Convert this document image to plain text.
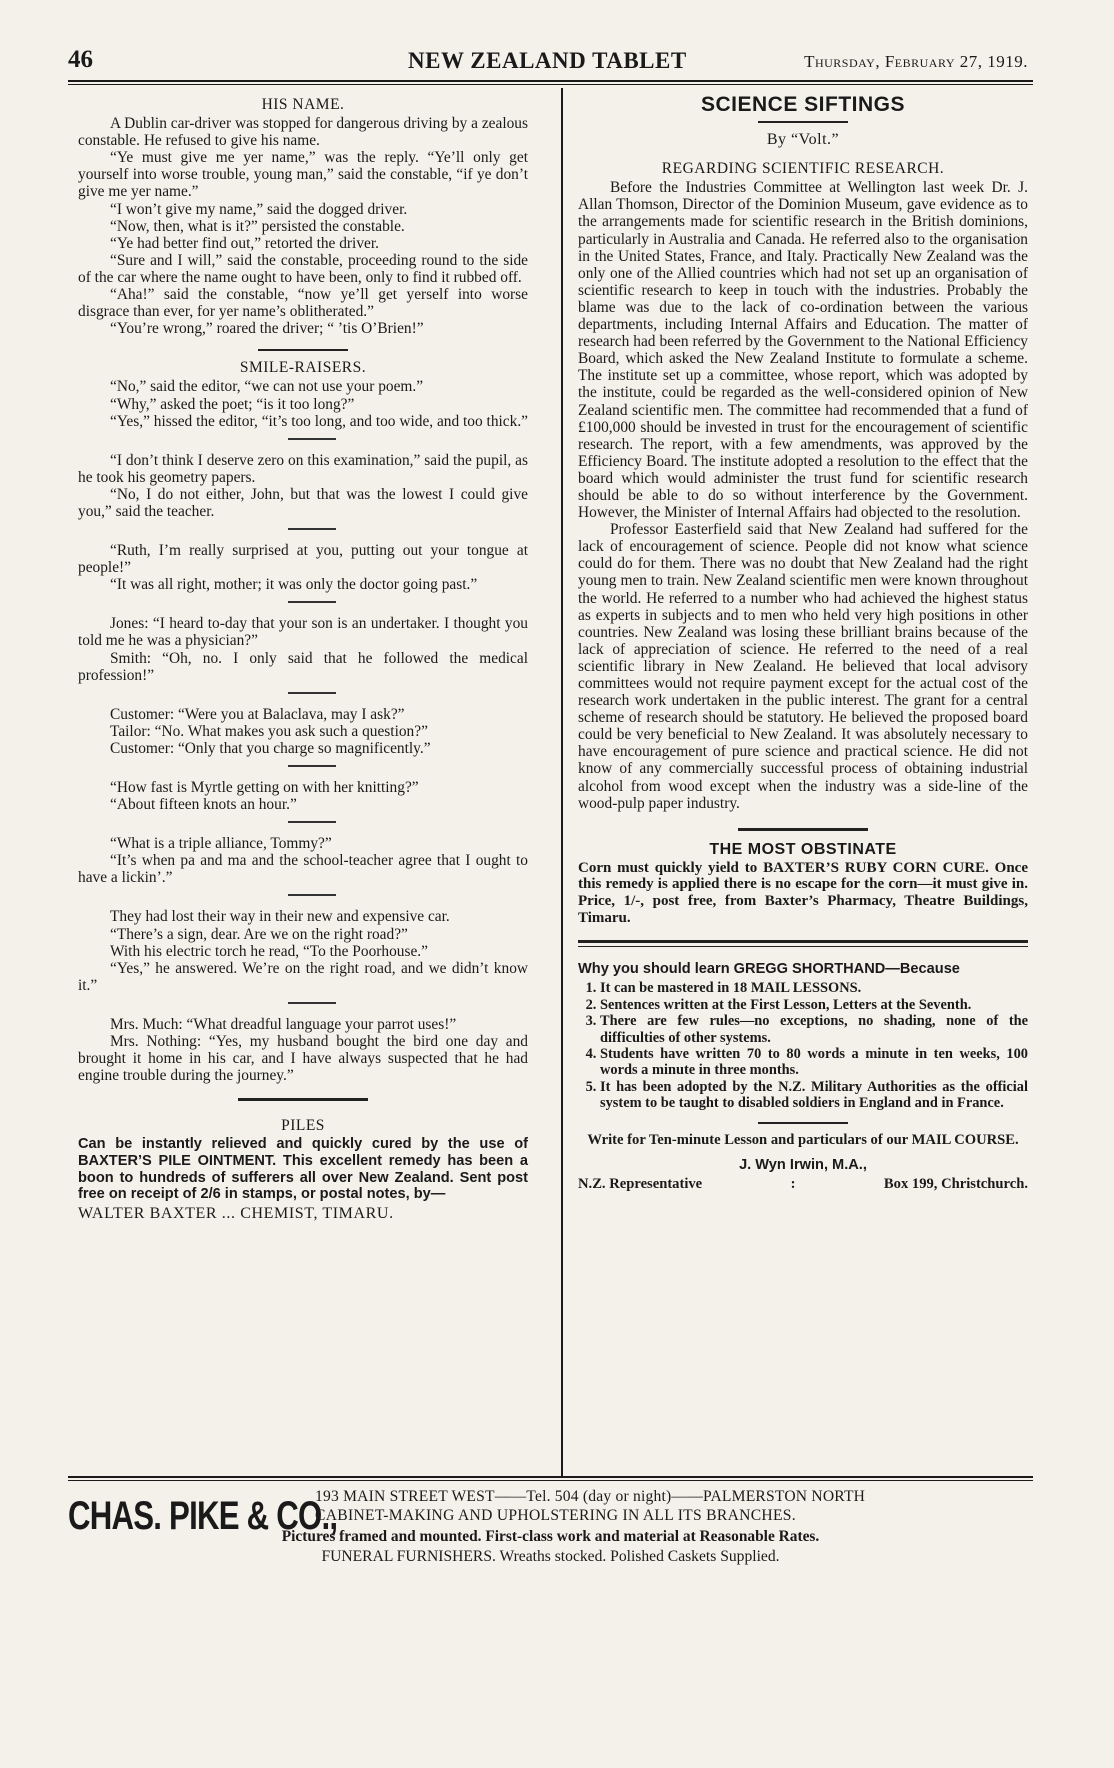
46	NEW ZEALAND TABLET	Thursday, February 27, 1919.
HIS NAME.

A Dublin car-driver was stopped for dangerous driving by a zealous constable. He refused to give his name.

“Ye must give me yer name,” was the reply. “Ye’ll only get yourself into worse trouble, young man,” said the constable, “if ye don’t give me yer name.”

“I won’t give my name,” said the dogged driver.

“Now, then, what is it?” persisted the constable.

“Ye had better find out,” retorted the driver.

“Sure and I will,” said the constable, proceeding round to the side of the car where the name ought to have been, only to find it rubbed off.

“Aha!” said the constable, “now ye’ll get yerself into worse disgrace than ever, for yer name’s oblitherated.”

“You’re wrong,” roared the driver; “ ’tis O’Brien!”

SMILE-RAISERS.

“No,” said the editor, “we can not use your poem.”

“Why,” asked the poet; “is it too long?”

“Yes,” hissed the editor, “it’s too long, and too wide, and too thick.”

“I don’t think I deserve zero on this examination,” said the pupil, as he took his geometry papers.

“No, I do not either, John, but that was the lowest I could give you,” said the teacher.

“Ruth, I’m really surprised at you, putting out your tongue at people!”

“It was all right, mother; it was only the doctor going past.”

Jones: “I heard to-day that your son is an undertaker. I thought you told me he was a physician?”

Smith: “Oh, no. I only said that he followed the medical profession!”

Customer: “Were you at Balaclava, may I ask?”

Tailor: “No. What makes you ask such a question?”

Customer: “Only that you charge so magnificently.”

“How fast is Myrtle getting on with her knitting?”

“About fifteen knots an hour.”

“What is a triple alliance, Tommy?”

“It’s when pa and ma and the school-teacher agree that I ought to have a lickin’.”

They had lost their way in their new and expensive car.

“There’s a sign, dear. Are we on the right road?”

With his electric torch he read, “To the Poorhouse.”

“Yes,” he answered. We’re on the right road, and we didn’t know it.”

Mrs. Much: “What dreadful language your parrot uses!”

Mrs. Nothing: “Yes, my husband bought the bird one day and brought it home in his car, and I have always suspected that he had engine trouble during the journey.”

PILES

Can be instantly relieved and quickly cured by the use of BAXTER’S PILE OINTMENT. This excellent remedy has been a boon to hundreds of sufferers all over New Zealand. Sent post free on receipt of 2/6 in stamps, or postal notes, by—

WALTER BAXTER ... CHEMIST, TIMARU.

SCIENCE SIFTINGS
By “Volt.”
REGARDING SCIENTIFIC RESEARCH.

Before the Industries Committee at Wellington last week Dr. J. Allan Thomson, Director of the Dominion Museum, gave evidence as to the arrangements made for scientific research in the British dominions, particularly in Australia and Canada. He referred also to the organisation in the United States, France, and Italy. Practically New Zealand was the only one of the Allied countries which had not set up an organisation of scientific research to keep in touch with the industries. Probably the blame was due to the lack of co-ordination between the various departments, including Internal Affairs and Education. The matter of research had been referred by the Government to the National Efficiency Board, which asked the New Zealand Institute to formulate a scheme. The institute set up a committee, whose report, which was adopted by the institute, could be regarded as the well-considered opinion of New Zealand scientific men. The committee had recommended that a fund of £100,000 should be invested in trust for the encouragement of scientific research. The report, with a few amendments, was approved by the Efficiency Board. The institute adopted a resolution to the effect that the board which would administer the trust fund for scientific research should be able to do so without interference by the Government. However, the Minister of Internal Affairs had objected to the resolution.

Professor Easterfield said that New Zealand had suffered for the lack of encouragement of science. People did not know what science could do for them. There was no doubt that New Zealand had the right young men to train. New Zealand scientific men were known throughout the world. He referred to a number who had achieved the highest status as experts in subjects and to men who held very high positions in other countries. New Zealand was losing these brilliant brains because of the lack of appreciation of science. He referred to the need of a real scientific library in New Zealand. He believed that local advisory committees would not require payment except for the actual cost of the research work undertaken in the public interest. The grant for a central scheme of research should be statutory. He believed the proposed board could be very beneficial to New Zealand. It was absolutely necessary to have encouragement of pure science and practical science. He did not know of any commercially successful process of obtaining industrial alcohol from wood except when the industry was a side-line of the wood-pulp paper industry.

THE MOST OBSTINATE

Corn must quickly yield to BAXTER’S RUBY CORN CURE. Once this remedy is applied there is no escape for the corn—it must give in. Price, 1/-, post free, from Baxter’s Pharmacy, Theatre Buildings, Timaru.

Why you should learn GREGG SHORTHAND—Because
1. It can be mastered in 18 MAIL LESSONS.
2. Sentences written at the First Lesson, Letters at the Seventh.
3. There are few rules—no exceptions, no shading, none of the difficulties of other systems.
4. Students have written 70 to 80 words a minute in ten weeks, 100 words a minute in three months.
5. It has been adopted by the N.Z. Military Authorities as the official system to be taught to disabled soldiers in England and in France.

Write for Ten-minute Lesson and particulars of our MAIL COURSE.

J. Wyn Irwin, M.A.,

N.Z. Representative	:	Box 199, Christchurch.
CHAS. PIKE & CO.,
193 MAIN STREET WEST——Tel. 504 (day or night)——PALMERSTON NORTH
CABINET-MAKING AND UPHOLSTERING IN ALL ITS BRANCHES.
Pictures framed and mounted. First-class work and material at Reasonable Rates.
FUNERAL FURNISHERS. Wreaths stocked. Polished Caskets Supplied.
